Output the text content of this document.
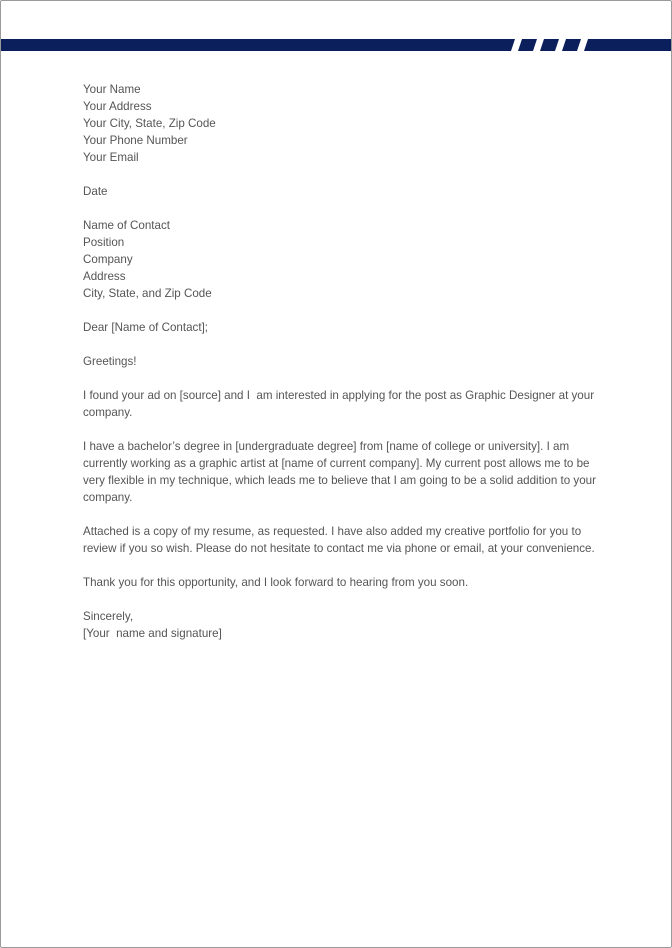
Your Name
Your Address
Your City, State, Zip Code
Your Phone Number
Your Email
Date
Name of Contact
Position
Company
Address
City, State, and Zip Code
Dear [Name of Contact];
Greetings!
I found your ad on [source] and I  am interested in applying for the post as Graphic Designer at your
company.
I have a bachelor’s degree in [undergraduate degree] from [name of college or university]. I am
currently working as a graphic artist at [name of current company]. My current post allows me to be
very flexible in my technique, which leads me to believe that I am going to be a solid addition to your
company.
Attached is a copy of my resume, as requested. I have also added my creative portfolio for you to
review if you so wish. Please do not hesitate to contact me via phone or email, at your convenience.
Thank you for this opportunity, and I look forward to hearing from you soon.
Sincerely,
[Your  name and signature]
